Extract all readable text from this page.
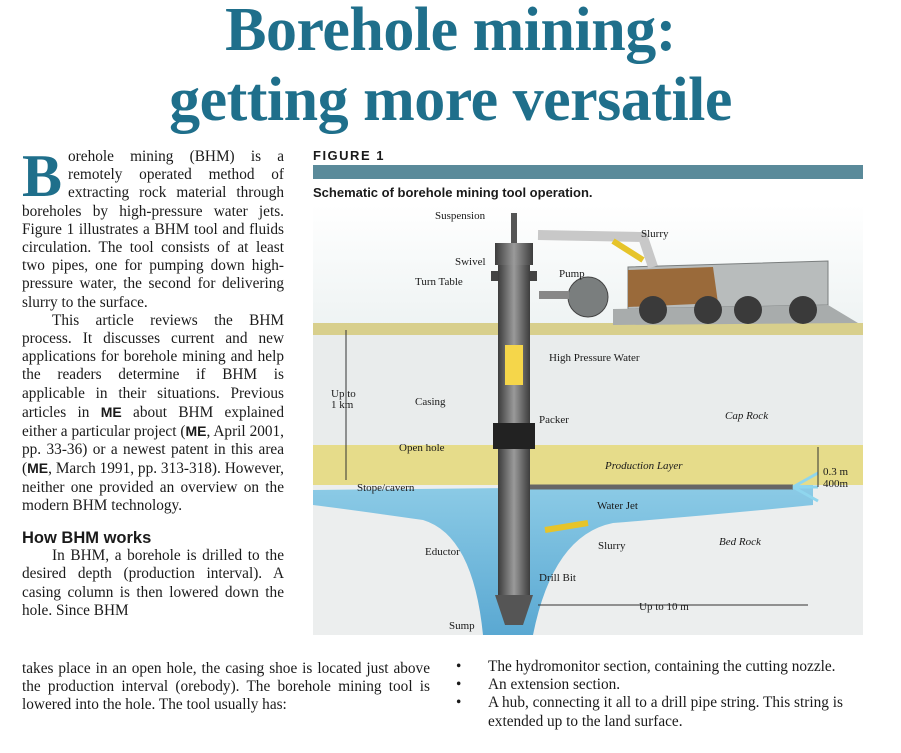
Borehole mining:
getting more versatile

Borehole mining (BHM) is a remotely operated method of extracting rock material through boreholes by high-pressure water jets. Figure 1 illustrates a BHM tool and fluids circulation. The tool consists of at least two pipes, one for pumping down high-pressure water, the second for delivering slurry to the surface.

This article reviews the BHM process. It discusses current and new applications for borehole mining and help the readers determine if BHM is applicable in their situations. Previous articles in ME about BHM explained either a particular project (ME, April 2001, pp. 33-36) or a newest patent in this area (ME, March 1991, pp. 313-318). However, neither one provided an overview on the modern BHM technology.

How BHM works

In BHM, a borehole is drilled to the desired depth (production interval). A casing column is then lowered down the hole. Since BHM

takes place in an open hole, the casing shoe is located just above the production interval (orebody). The borehole mining tool is lowered into the hole. The tool usually has:
FIGURE 1
Schematic of borehole mining tool operation.
Suspension
Slurry
Swivel
Pump
Turn Table
High Pressure Water
Up to
1 km	Casing
Packer	Cap Rock
Open hole
Production Layer	0.3 m
400m
Stope/cavern
Water Jet
Slurry	Bed Rock
Eductor
Drill Bit
Up to 10 m
Sump
• The hydromonitor section, containing the cutting nozzle.
• An extension section.
• A hub, connecting it all to a drill pipe string. This string is extended up to the land surface.
